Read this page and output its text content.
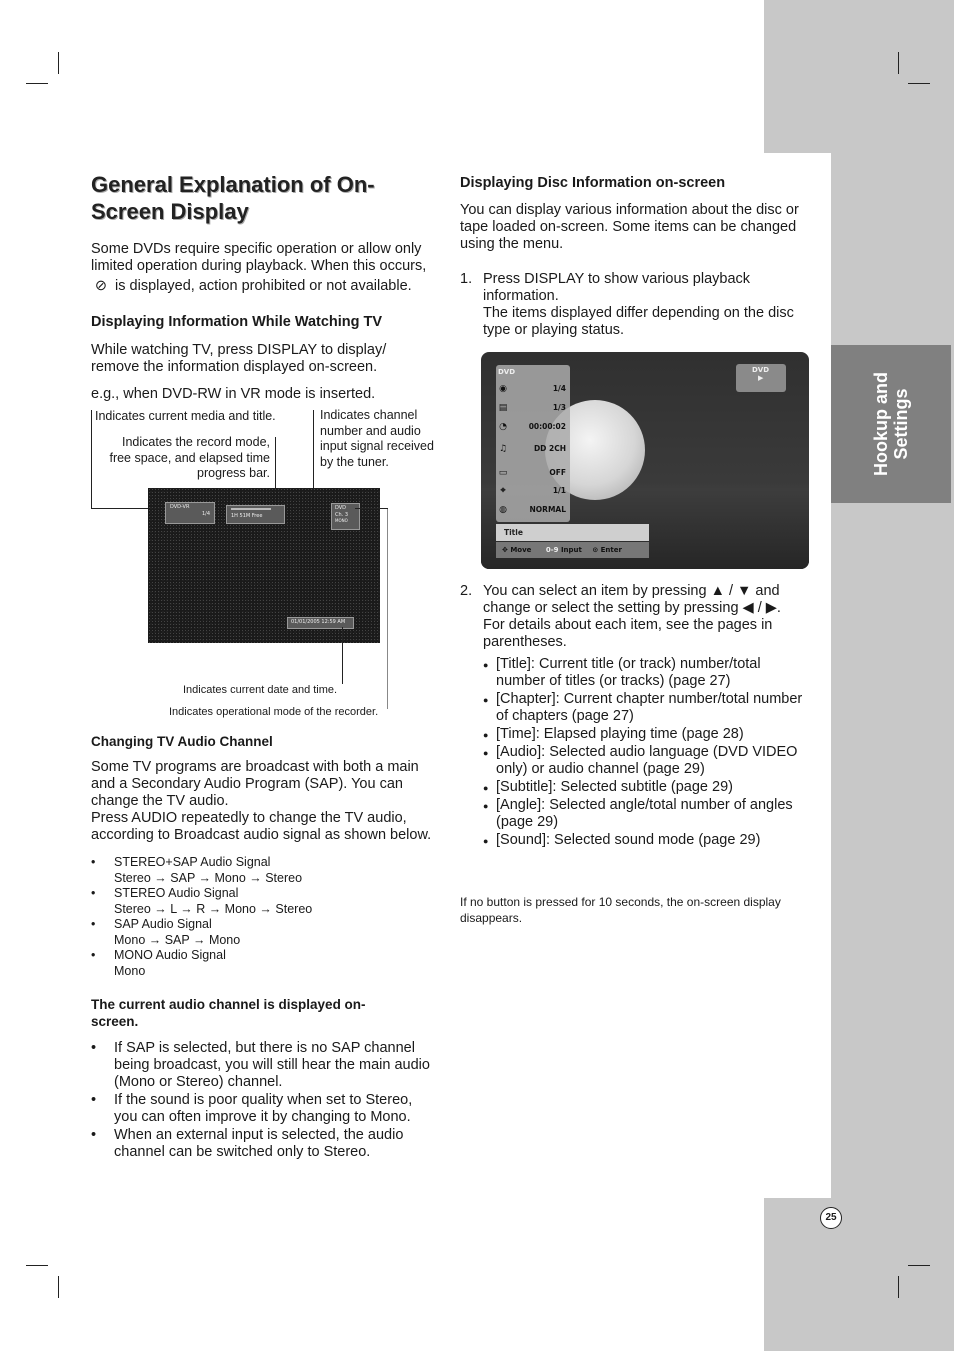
Hookup and Settings
25
General Explanation of On-Screen Display

Some DVDs require specific operation or allow only limited operation during playback. When this occurs,
⊘ is displayed, action prohibited or not available.

Displaying Information While Watching TV

While watching TV, press DISPLAY to display/ remove the information displayed on-screen.

e.g., when DVD-RW in VR mode is inserted.

Indicates current media and title.

Indicates the record mode, free space, and elapsed time progress bar.

Indicates channel number and audio input signal received by the tuner.

DVD-VR
1/4	1H 51M Free
DVD
Ch. 3
MONO
01/01/2005 12:59 AM

Indicates current date and time.

Indicates operational mode of the recorder.

Changing TV Audio Channel

Some TV programs are broadcast with both a main and a Secondary Audio Program (SAP). You can change the TV audio.

Press AUDIO repeatedly to change the TV audio, according to Broadcast audio signal as shown below.

• STEREO+SAP Audio Signal
Stereo → SAP → Mono → Stereo
• STEREO Audio Signal
Stereo → L → R → Mono → Stereo
• SAP Audio Signal
Mono → SAP → Mono
• MONO Audio Signal
Mono

The current audio channel is displayed on-screen.

• If SAP is selected, but there is no SAP channel being broadcast, you will still hear the main audio (Mono or Stereo) channel.
• If the sound is poor quality when set to Stereo, you can often improve it by changing to Mono.
• When an external input is selected, the audio channel can be switched only to Stereo.

Displaying Disc Information on-screen

You can display various information about the disc or tape loaded on-screen. Some items can be changed using the menu.

1. Press DISPLAY to show various playback information.

The items displayed differ depending on the disc type or playing status.

DVD
◉	1/4
▤	1/3
◔	00:00:02
♫	DD 2CH
▭	OFF
⌖	1/1
◍	NORMAL
Title
✥ Move 0-9 Input ⊙ Enter
DVD
▶
2. You can select an item by pressing ▲ / ▼ and change or select the setting by pressing ◀ / ▶. For details about each item, see the pages in parentheses.

● [Title]: Current title (or track) number/total number of titles (or tracks) (page 27)
● [Chapter]: Current chapter number/total number of chapters (page 27)
● [Time]: Elapsed playing time (page 28)
● [Audio]: Selected audio language (DVD VIDEO only) or audio channel (page 29)
● [Subtitle]: Selected subtitle (page 29)
● [Angle]: Selected angle/total number of angles (page 29)
● [Sound]: Selected sound mode (page 29)

If no button is pressed for 10 seconds, the on-screen display disappears.
